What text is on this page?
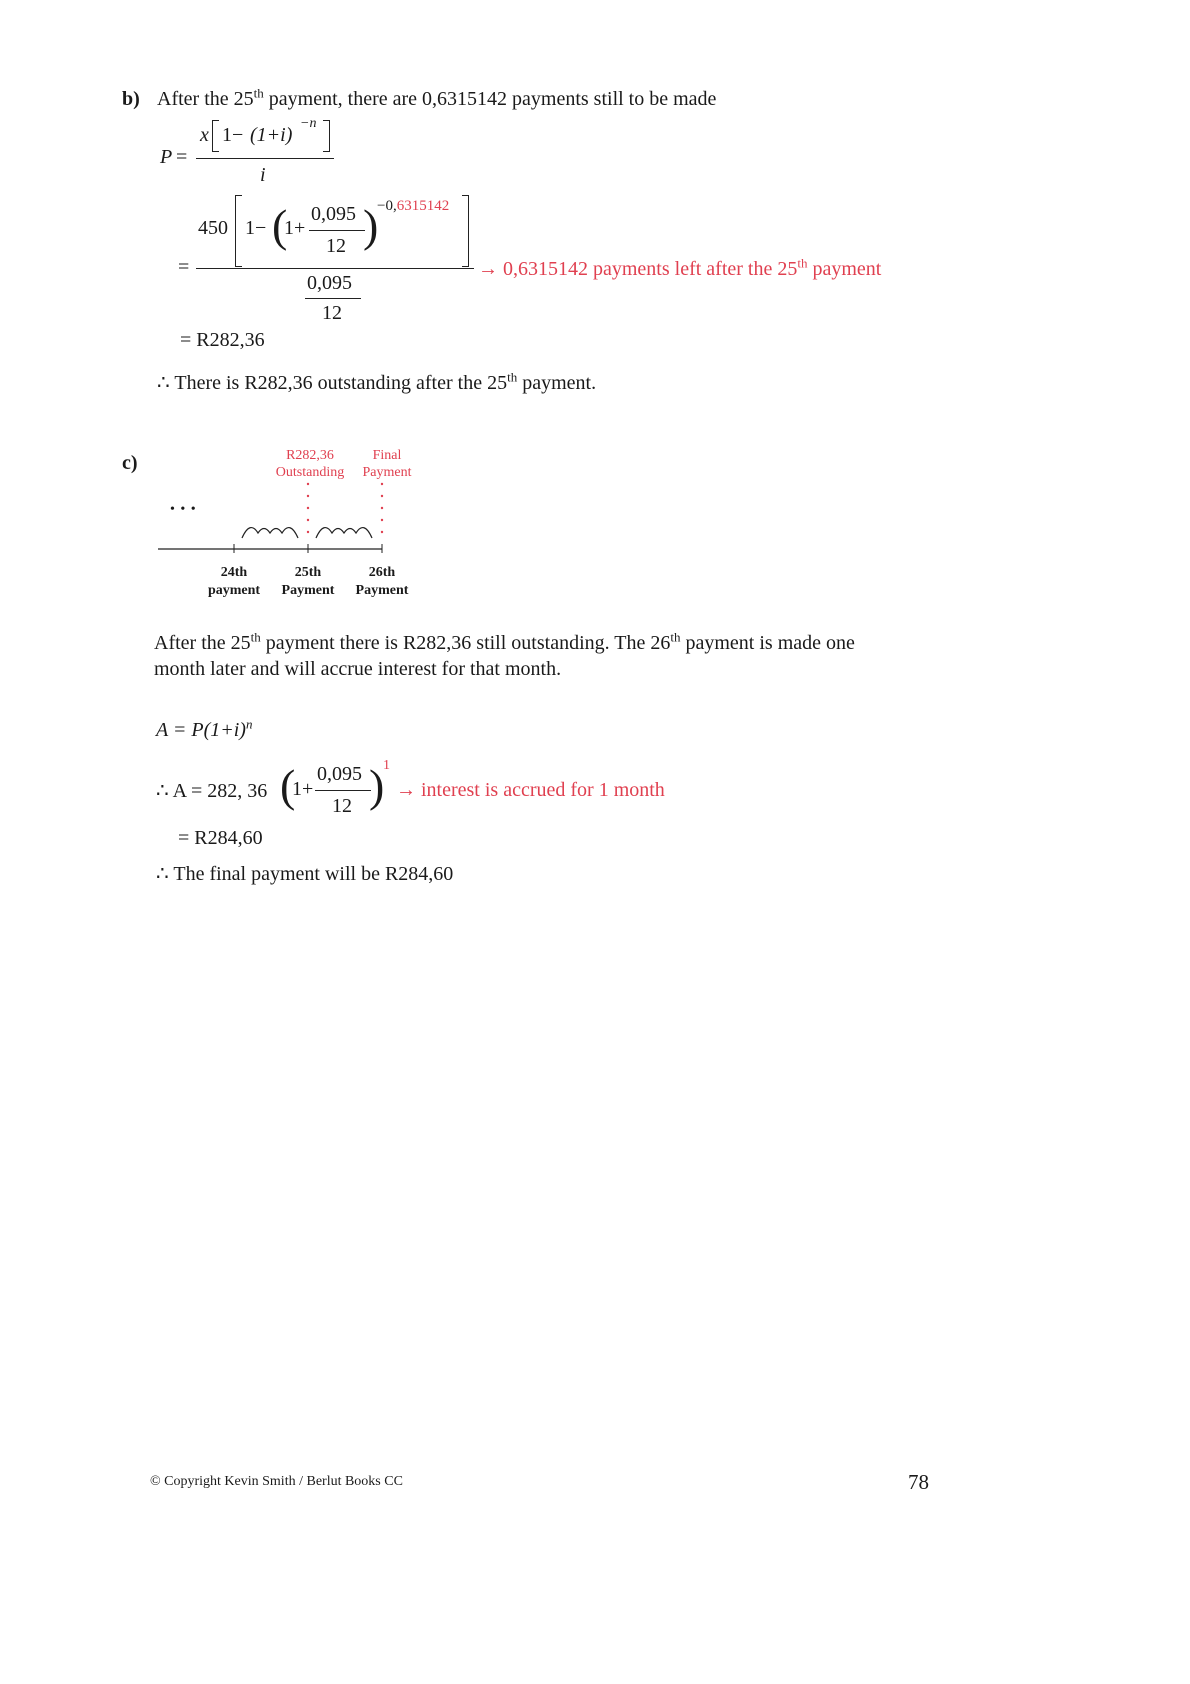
b) After the 25th payment, there are 0,6315142 payments still to be made
P =
x 1− (1+i)
−n
i
=
450 1− (
1+
0,095
12 )
−0,6315142
0,095
12
→ 0,6315142 payments left after the 25th payment
= R282,36
∴ There is R282,36 outstanding after the 25th payment.
c)	R282,36
Outstanding
Final
Payment
• • •
24th
payment
25th
Payment
26th
Payment
After the 25th payment there is R282,36 still outstanding. The 26th payment is made one
month later and will accrue interest for that month.
$A = P(1+i)^n$
∴ A = 282, 36 (
1+
0,095
12 )
1
→ interest is accrued for 1 month
= R284,60
∴ The final payment will be R284,60
© Copyright Kevin Smith / Berlut Books CC	78
